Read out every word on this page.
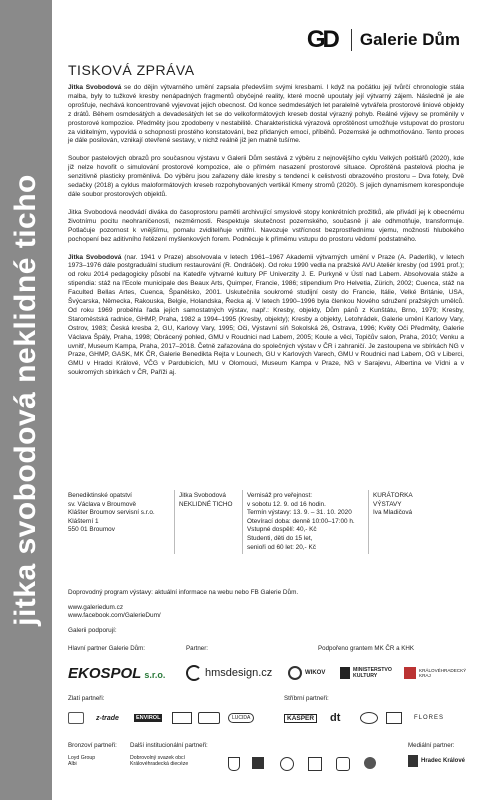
jitka svobodová neklidné ticho
GD Galerie Dům
TISKOVÁ ZPRÁVA

Jitka Svobodová se do dějin výtvarného umění zapsala především svými kresbami. I když na počátku její tvůrčí chronologie stála malba, byly to tužkové kresby nenápadných fragmentů obyčejné reality, které mocně upoutaly její výtvarný zájem. Následně je ale oprošťuje, nechává koncentrovaně vyjevovat jejich obecnost. Od konce sedmdesátých let paralelně vytvářela prostorové liniové objekty z drátů. Během osmdesátých a devadesátých let se do velkoformátových kreseb dostal výrazný pohyb. Reálné výjevy se proměnily v prostorové kompozice. Předměty jsou zpodobeny v nestabilitě. Charakteristická výrazová oproštěnost umožňuje vstupovat do prostoru za viditelným, vypovídá o schopnosti prostého konstatování, bez přidaných emocí, příběhů. Pozemské je odhmotňováno. Tento proces je dále posilován, vznikají otevřené sestavy, v nichž reálně již jen matně tušíme.

Soubor pastelových obrazů pro současnou výstavu v Galerii Dům sestává z výběru z nejnovějšího cyklu Velkých polštářů (2020), kde již nelze hovořit o simulování prostorové kompozice, ale o přímém nasazení prostorové situace. Oproštěná pastelová plocha je senzitivně plasticky proměnlivá. Do výběru jsou zařazeny dále kresby s tendencí k celistvosti obrazového prostoru – Dva fotely, Dvě sedačky (2018) a cyklus maloformátových kreseb rozpohybovaných vertikál Kmeny stromů (2020). S jejich dynamismem koresponduje dále soubor prostorových objektů.

Jitka Svobodová neodvádí diváka do časoprostoru paměti archivující smyslově stopy konkrétních prožitků, ale přivádí jej k obecnému životnímu pocitu neohraničenosti, nezměrnosti. Respektuje skutečnost pozemského, současně ji ale odhmotňuje, transformuje. Potlačuje pozornost k vnějšímu, pomalu zviditelňuje vnitřní. Navozuje vstřícnost bezprostřednímu vjemu, možnosti hlubokého pochopení bez aditivního řetězení myšlenkových forem. Podněcuje k přímému vstupu do prostoru vědomí podstatného.

Jitka Svobodová (nar. 1941 v Praze) absolvovala v letech 1961–1967 Akademii výtvarných umění v Praze (A. Paderlík), v letech 1973–1976 dále postgraduální studium restaurování (R. Ondráček). Od roku 1990 vedla na pražské AVU Ateliér kresby (od 1991 prof.); od roku 2014 pedagogicky působí na Katedře výtvarné kultury PF Univerzity J. E. Purkyně v Ústí nad Labem. Absolvovala stáže a stipendia: stáž na l'Ecole municipale des Beaux Arts, Quimper, Francie, 1986; stipendium Pro Helvetia, Zürich, 2002; Cuenca, stáž na Faculted Bellas Artes, Cuenca, Španělsko, 2001. Uskutečnila soukromé studijní cesty do Francie, Itálie, Velké Británie, USA, Švýcarska, Německa, Rakouska, Belgie, Holandska, Řecka aj. V letech 1990–1996 byla členkou Nového sdružení pražských umělců. Od roku 1969 proběhla řada jejích samostatných výstav, např.: Kresby, objekty, Dům pánů z Kunštátu, Brno, 1979; Kresby, Staroměstská radnice, GHMP, Praha, 1982 a 1994–1995 (Kresby, objekty); Kresby a objekty, Letohrádek, Galerie umění Karlovy Vary, Ostrov, 1983; Česká kresba 2, GU, Karlovy Vary, 1995; Oči, Výstavní síň Sokolská 26, Ostrava, 1996; Květy Oči Předměty, Galerie Václava Špály, Praha, 1998; Obrácený pohled, GMU v Roudnici nad Labem, 2005; Koule a věci, Topičův salon, Praha, 2010; Venku a uvnitř, Museum Kampa, Praha, 2017–2018. Četně zařazována do společných výstav v ČR i zahraničí. Je zastoupena ve sbírkách NG v Praze, GHMP, GASK, MK ČR, Galerie Benedikta Rejta v Lounech, GU v Karlových Varech, GMU v Roudnici nad Labem, OG v Liberci, GMU v Hradci Králové, VČG v Pardubicích, MU v Olomouci, Museum Kampa v Praze, NG v Sarajevu, Albertina ve Vídni a v soukromých sbírkách v ČR, Paříži aj.

Benediktinské opatství
sv. Václava v Broumově
Klášter Broumov servisní s.r.o.
Klášterní 1
550 01 Broumov
Jitka Svobodová
NEKLIDNÉ TICHO
Vernisáž pro veřejnost:
v sobotu 12. 9. od 16 hodin.
Termín výstavy: 13. 9. – 31. 10. 2020
Otevírací doba: denně 10:00–17:00 h.
Vstupné dospělí: 40,- Kč
Studenti, děti do 15 let,
senioři od 60 let: 20,- Kč
KURÁTORKA
VÝSTAVY
Iva Mladičová
Doprovodný program výstavy: aktuální informace na webu nebo FB Galerie Dům.
www.galeriedum.cz
www.facebook.com/GalerieDum/
Galerii podporují:
Hlavní partner Galerie Dům:	Partner:	Podpořeno grantem MK ČR a KHK
EKOSPOL s.r.o.	hmsdesign.cz	WIKOV
MINISTERSTVO KULTURY
KRÁLOVÉHRADECKÝ KRAJ
Zlatí partneři:	Stříbrní partneři:
z-trade	ENVIROL	LUCIDA	KASPER dt	FLORES
Bronzoví partneři: Další institucionální partneři:	Mediální partner:
Loyd Group
Albi
Dobrovolný svazek obcí
Královéhradecká diecéze
Hradec Králové
